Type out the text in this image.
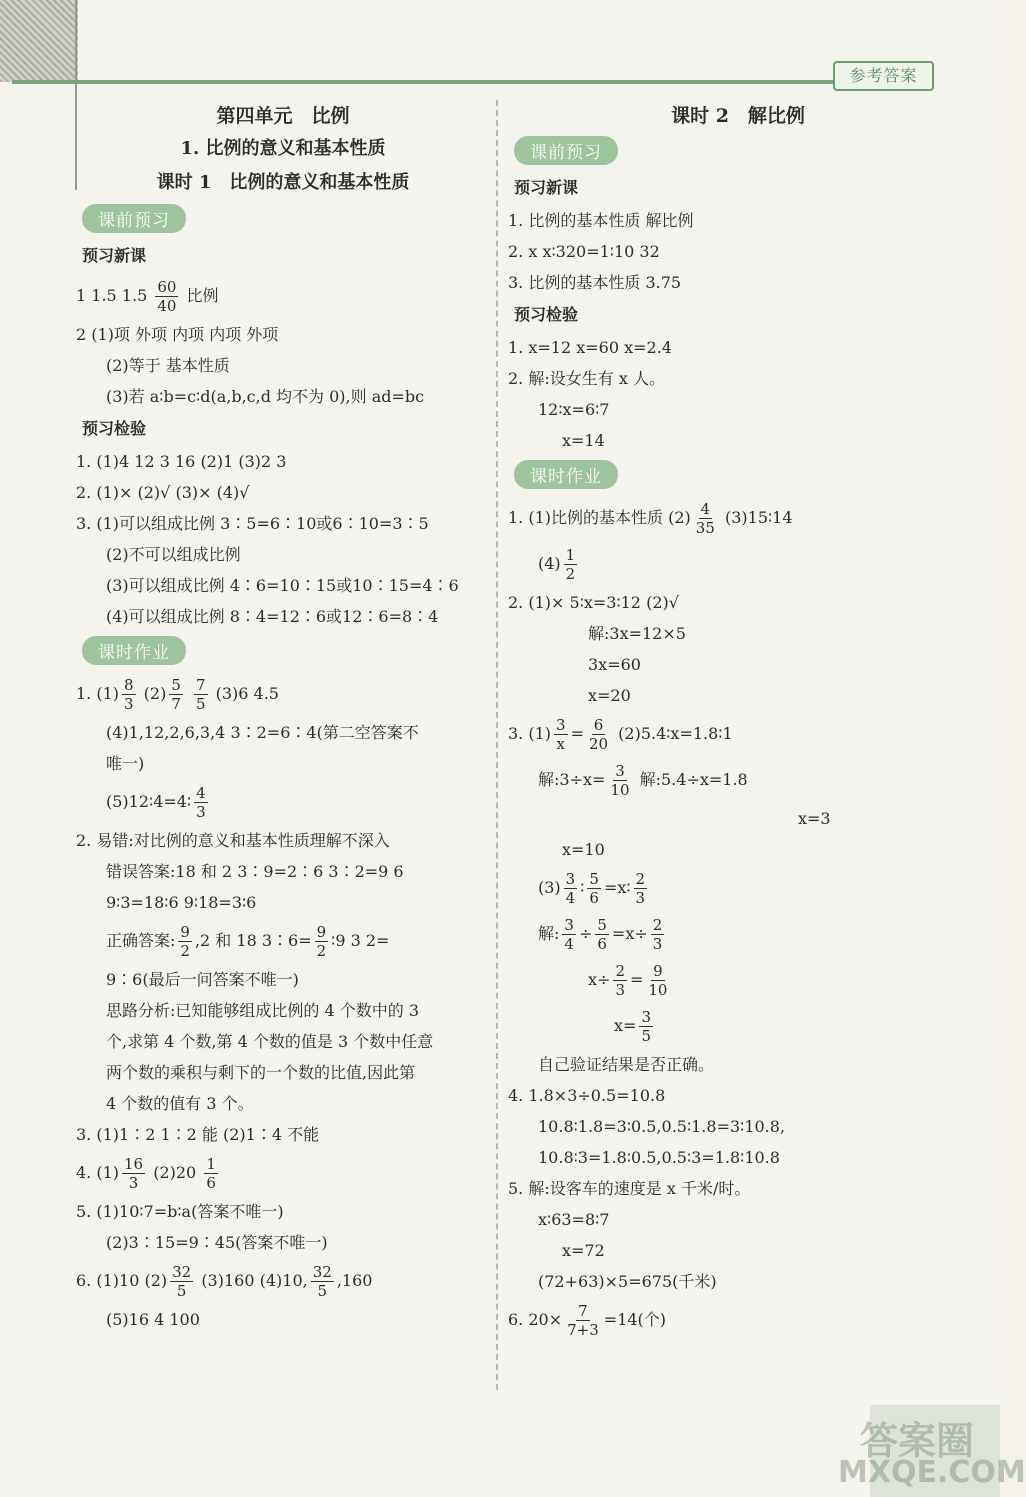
参考答案
第四单元　比例
1. 比例的意义和基本性质
课时 1　比例的意义和基本性质
课前预习
预习新课
1 1.5 $1.5 \frac{60}{40}$ 比例
2 (1)项 外项 内项 内项 外项
(2)等于 基本性质
(3)若 a∶b=c∶d(a,b,c,d 均不为 0),则 ad=bc
预习检验
1. (1)4 12 3 16 (2)1 (3)2 3
2. (1)× (2)√ (3)× (4)√
3. (1)可以组成比例 3∶5=6∶10或6∶10=3∶5
(2)不可以组成比例
(3)可以组成比例 4∶6=10∶15或10∶15=4∶6
(4)可以组成比例 8∶4=12∶6或12∶6=8∶4
课时作业
1. $(1) \frac{8}{3} (2) \frac{5}{7}$
$\frac{7}{5} (3)6$ 4.5
(4)1,12,2,6,3,4 3∶2=6∶4(第二空答案不
唯一)
(5)12∶4=4∶ $\frac{4}{3}$
2. 易错:对比例的意义和基本性质理解不深入
错误答案:18 和 2 3∶9=2∶6 3∶2=9 6
9∶3=18∶6 9∶18=3∶6
正确答案: $\frac{9}{2} ,2$ 和 18 3∶6= $\frac{9}{2}$ ∶9 3 2=
9∶6(最后一问答案不唯一)
思路分析:已知能够组成比例的 4 个数中的 3
个,求第 4 个数,第 4 个数的值是 3 个数中任意
两个数的乘积与剩下的一个数的比值,因此第
4 个数的值有 3 个。
3. (1)1∶2 1∶2 能 (2)1∶4 不能
4. $(1) \frac{16}{3} (2)20 \frac{1}{6}$
5. (1)10∶7=b∶a(答案不唯一)
(2)3∶15=9∶45(答案不唯一)
6. (1)10 $(2) \frac{32}{5} (3)160$ (4)10, $\frac{32}{5} ,160$
(5)16 4 100
课时 2　解比例
课前预习
预习新课
1. 比例的基本性质 解比例
2. x x∶320=1∶10 32
3. 比例的基本性质 3.75
预习检验
1. x=12 x=60 x=2.4
2. 解:设女生有 x 人。
12∶x=6∶7
x=14
课时作业
1. (1)比例的基本性质 $(2) \frac{4}{35}$ (3)15∶14
$(4) \frac{1}{2}$
2. (1)× 5∶x=3∶12 (2)√
解:3x=12×5
3x=60
x=20
3. $(1) \frac{3}{x} = \frac{6}{20}$ (2)5.4∶x=1.8∶1
解:3÷x= $\frac{3}{10}$ 解:5.4÷x=1.8
x=3
x=10
$(3) \frac{3}{4}$ ∶ $\frac{5}{6}$ =x∶ $\frac{2}{3}$
解: $\frac{3}{4} \div \frac{5}{6} =x\div \frac{2}{3}$
$x\div \frac{2}{3} = \frac{9}{10}$
$x= \frac{3}{5}$
自己验证结果是否正确。
4. 1.8×3÷0.5=10.8
10.8∶1.8=3∶0.5,0.5∶1.8=3∶10.8,
10.8∶3=1.8∶0.5,0.5∶3=1.8∶10.8
5. 解:设客车的速度是 x 千米/时。
x∶63=8∶7
x=72
(72+63)×5=675(千米)
6. $20\times \frac{7}{7+3} =14$(个)
答案圈
MXQE.COM
